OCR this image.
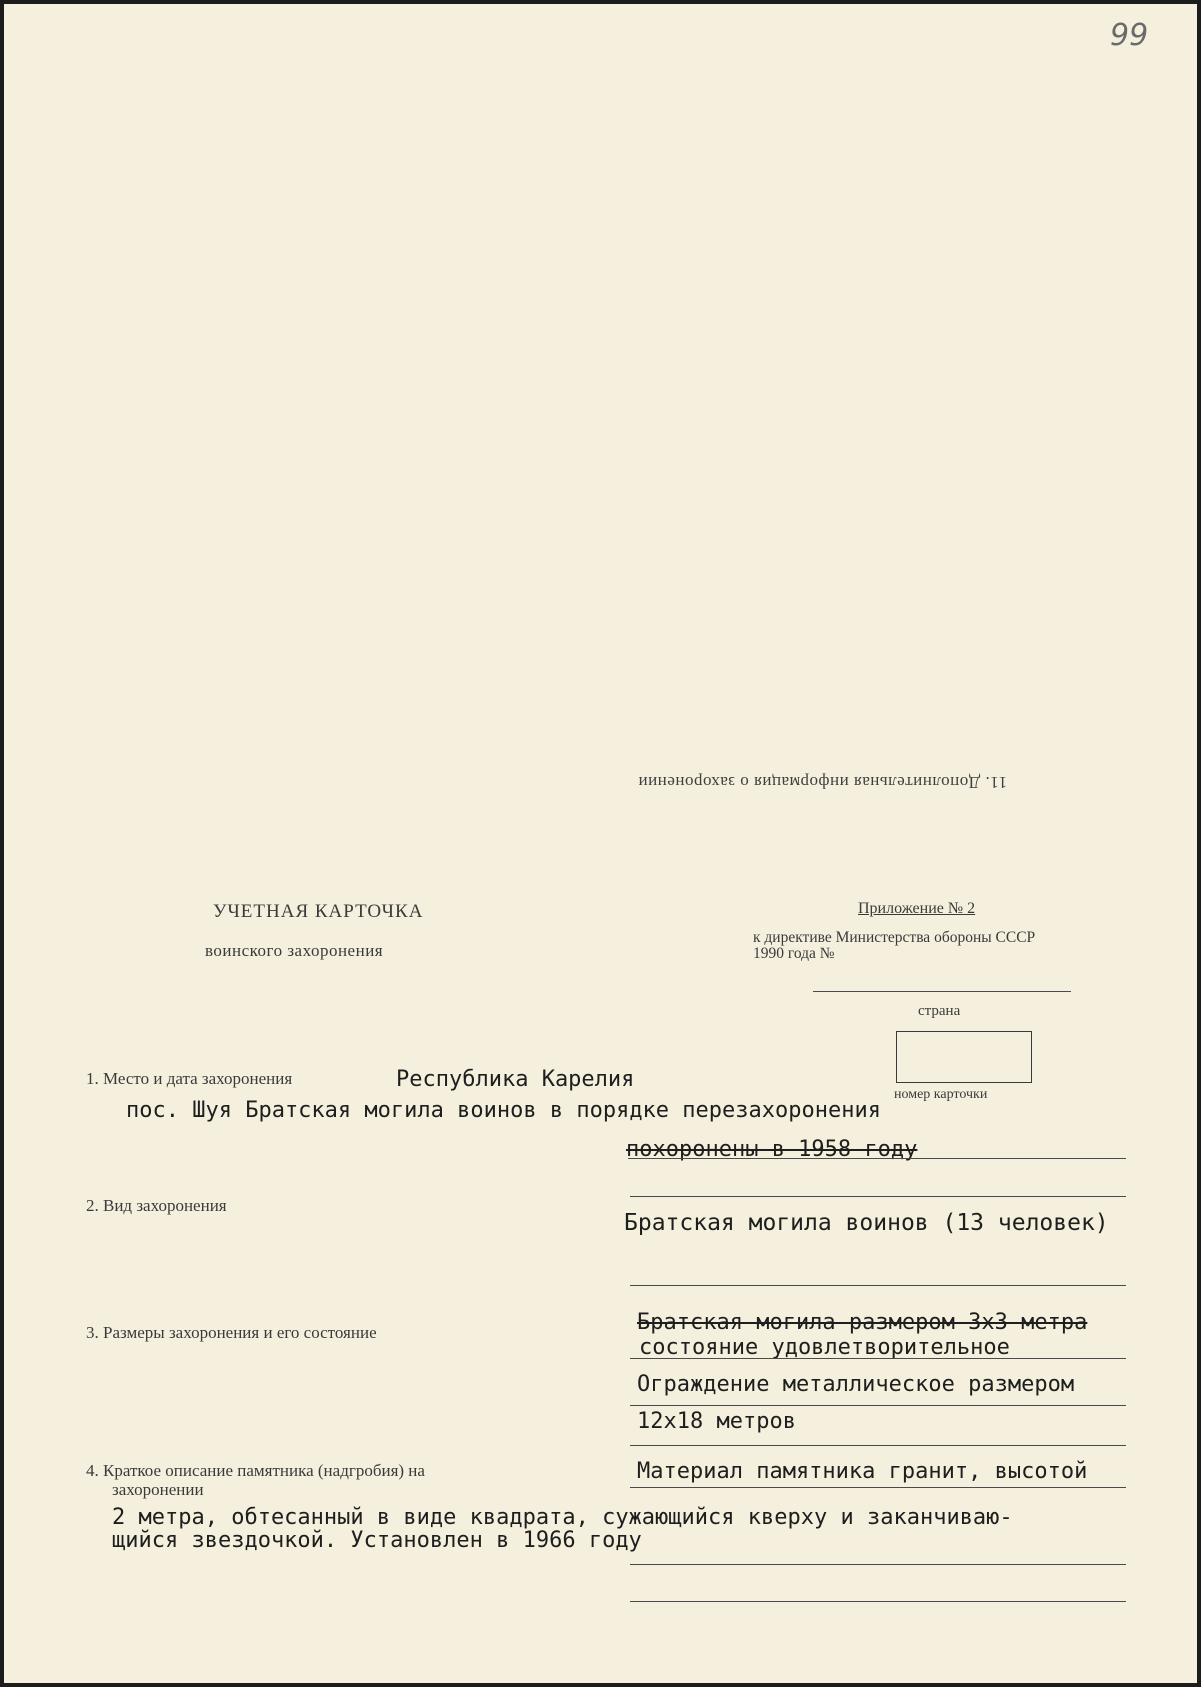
99
11. Дополнительная информация о захоронении
УЧЕТНАЯ КАРТОЧКА
воинского захоронения
Приложение № 2
к директиве Министерства обороны СССР
1990 года №
страна
номер карточки
1. Место и дата захоронения	Республика Карелия
пос. Шуя Братская могила воинов в порядке перезахоронения
похоронены в 1958 году
2. Вид захоронения
Братская могила воинов (13 человек)
3. Размеры захоронения и его состояние	Братская могила размером 3х3 метра
состояние удовлетворительное
Ограждение металлическое размером
12х18 метров
4. Краткое описание памятника (надгробия) на
захоронении
Материал памятника гранит, высотой
2 метра, обтесанный в виде квадрата, сужающийся кверху и заканчиваю-
щийся звездочкой. Установлен в 1966 году
